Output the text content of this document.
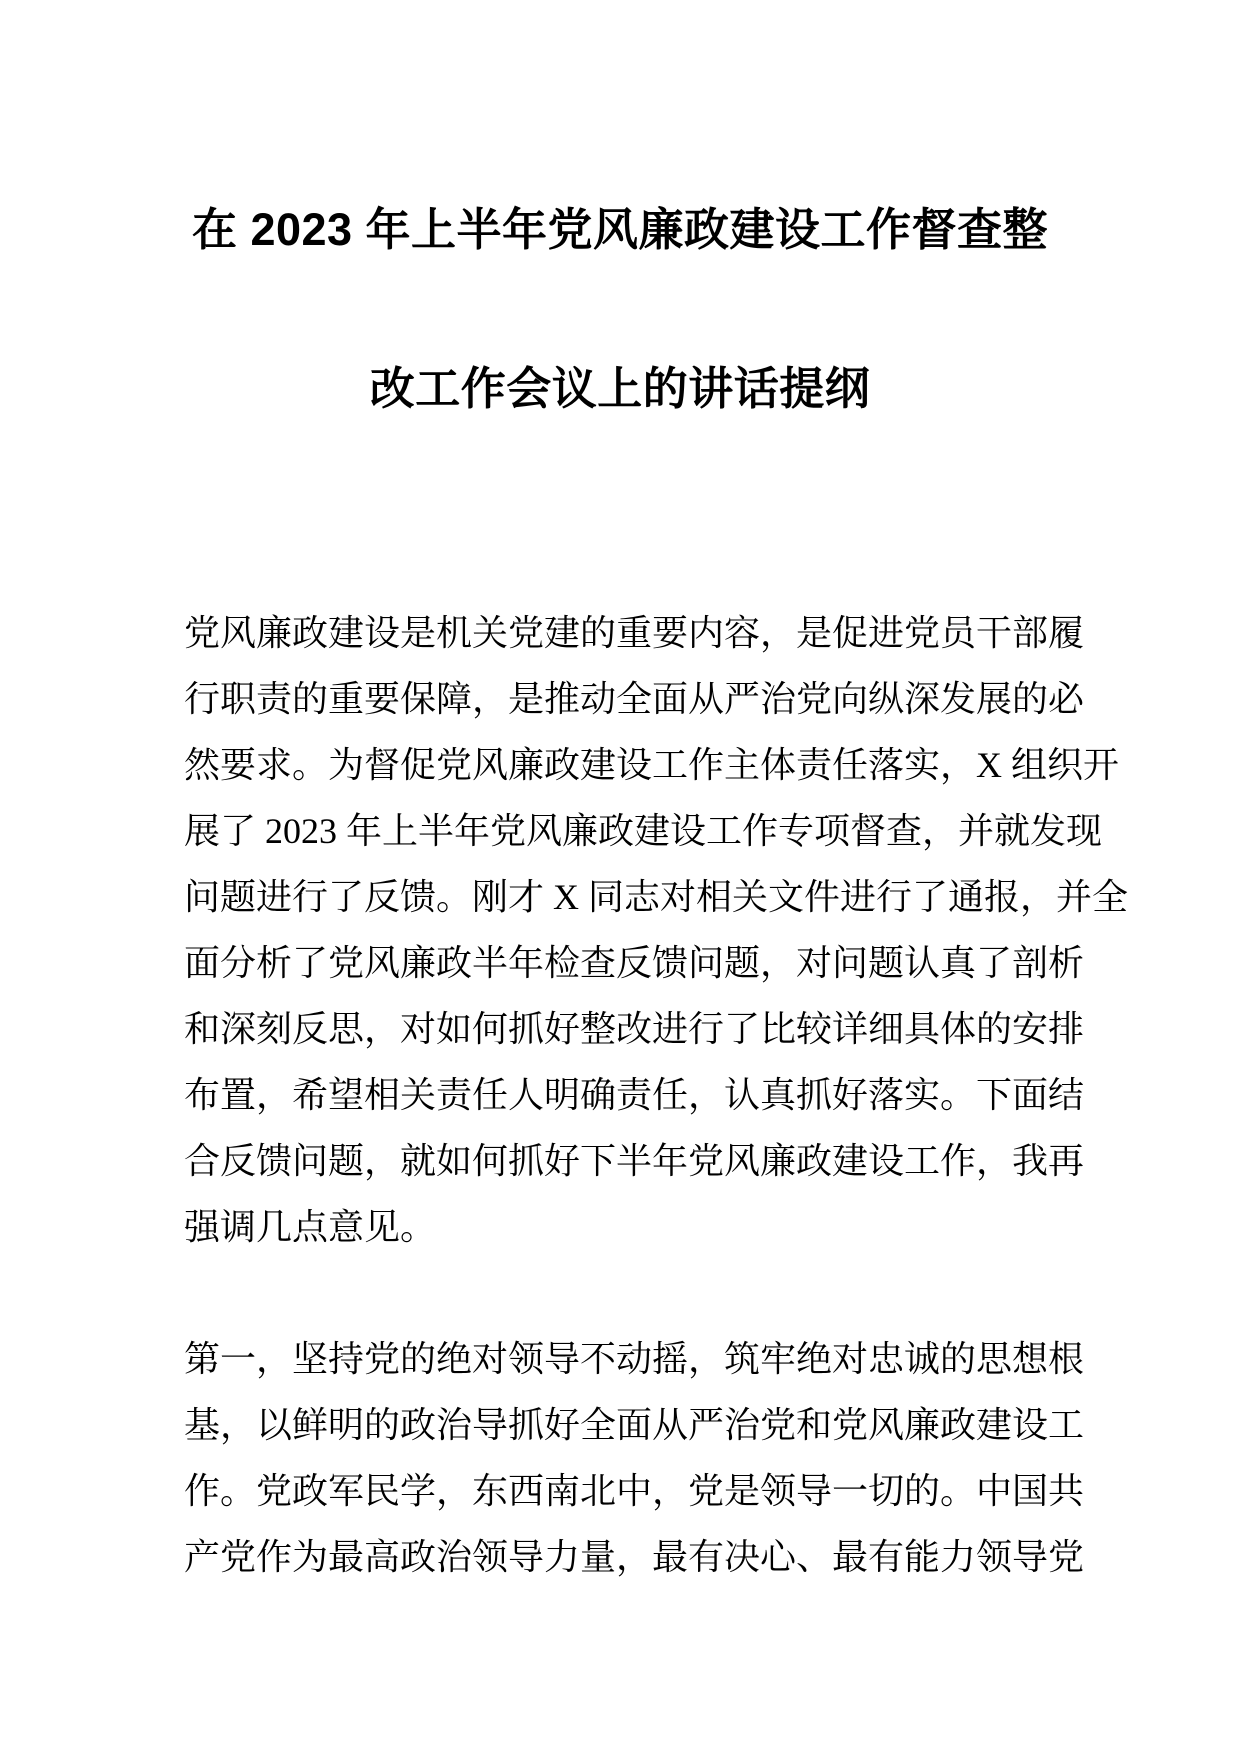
在 2023 年上半年党风廉政建设工作督查整
改工作会议上的讲话提纲

党风廉政建设是机关党建的重要内容，是促进党员干部履
行职责的重要保障，是推动全面从严治党向纵深发展的必
然要求。为督促党风廉政建设工作主体责任落实，X 组织开
展了 2023 年上半年党风廉政建设工作专项督查，并就发现
问题进行了反馈。刚才 X 同志对相关文件进行了通报，并全
面分析了党风廉政半年检查反馈问题，对问题认真了剖析
和深刻反思，对如何抓好整改进行了比较详细具体的安排
布置，希望相关责任人明确责任，认真抓好落实。下面结
合反馈问题，就如何抓好下半年党风廉政建设工作，我再
强调几点意见。

第一，坚持党的绝对领导不动摇，筑牢绝对忠诚的思想根
基，以鲜明的政治导抓好全面从严治党和党风廉政建设工
作。党政军民学，东西南北中，党是领导一切的。中国共
产党作为最高政治领导力量，最有决心、最有能力领导党
